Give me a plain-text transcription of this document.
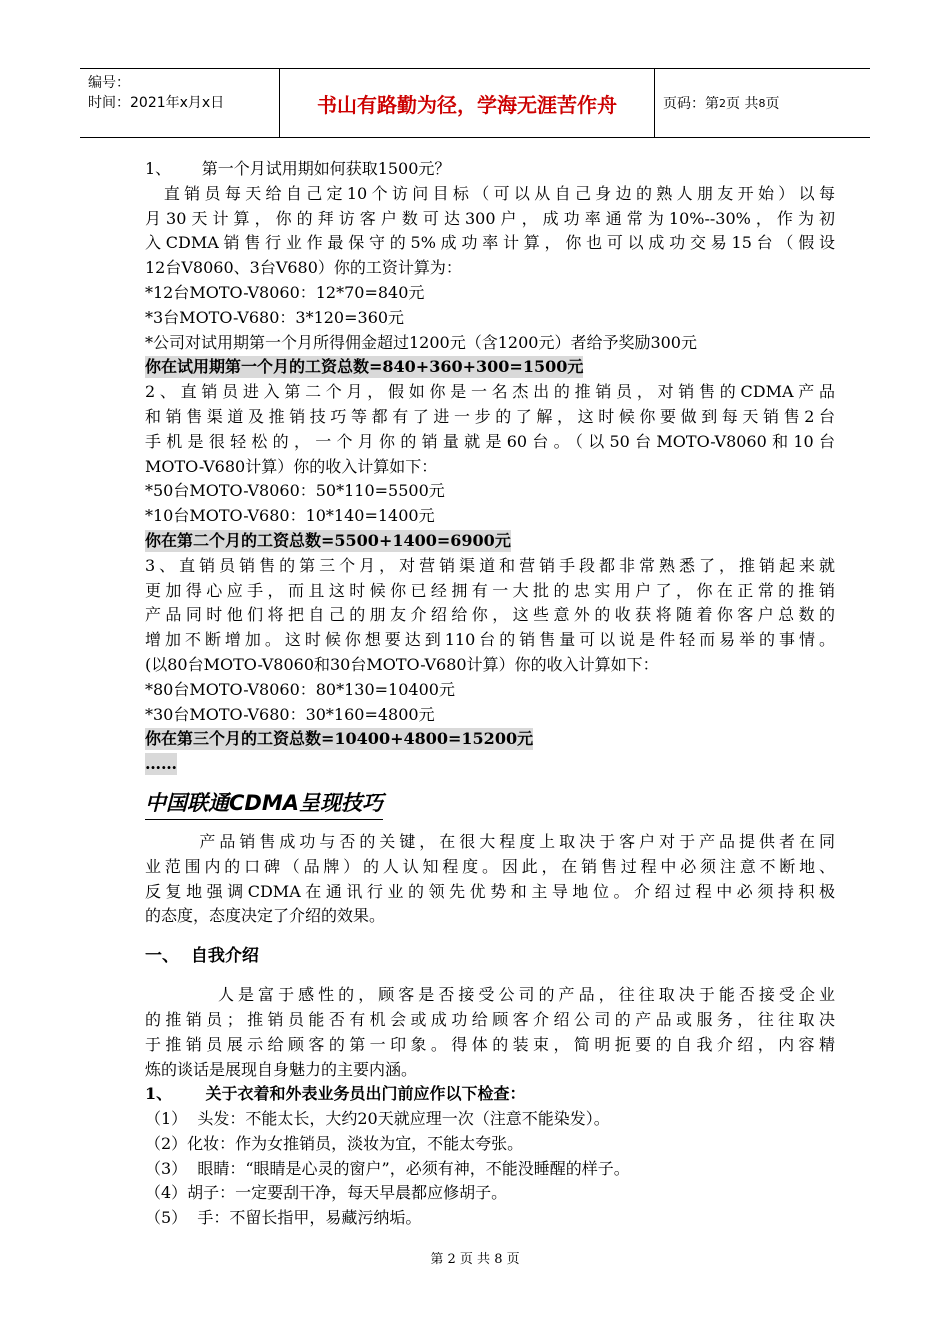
编号：
时间：2021年x月x日	书山有路勤为径，学海无涯苦作舟	页码：第 2 页 共 8 页
1、      第一个月试用期如何获取1500元？
直销员每天给自己定10个访问目标（可以从自己身边的熟人朋友开始）以每
月30天计算，你的拜访客户数可达300户，成功率通常为10%--30%，作为初
入CDMA销售行业作最保守的5%成功率计算，你也可以成功交易15台（假设
12台V8060、3台V680）你的工资计算为：
*12台MOTO-V8060：12*70=840元
*3台MOTO-V680：3*120=360元
*公司对试用期第一个月所得佣金超过1200元（含1200元）者给予奖励300元
你在试用期第一个月的工资总数=840+360+300=1500元
2、直销员进入第二个月，假如你是一名杰出的推销员，对销售的CDMA产品
和销售渠道及推销技巧等都有了进一步的了解，这时候你要做到每天销售2台
手机是很轻松的，一个月你的销量就是60台。（以50台MOTO-V8060和10台
MOTO-V680计算）你的收入计算如下：
*50台MOTO-V8060：50*110=5500元
*10台MOTO-V680：10*140=1400元
你在第二个月的工资总数=5500+1400=6900元
3、直销员销售的第三个月，对营销渠道和营销手段都非常熟悉了，推销起来就
更加得心应手，而且这时候你已经拥有一大批的忠实用户了，你在正常的推销
产品同时他们将把自己的朋友介绍给你，这些意外的收获将随着你客户总数的
增加不断增加。这时候你想要达到110台的销售量可以说是件轻而易举的事情。
(以80台MOTO-V8060和30台MOTO-V680计算）你的收入计算如下：
*80台MOTO-V8060：80*130=10400元
*30台MOTO-V680：30*160=4800元
你在第三个月的工资总数=10400+4800=15200元
……
中国联通CDMA呈现技巧
产品销售成功与否的关键，在很大程度上取决于客户对于产品提供者在同
业范围内的口碑（品牌）的人认知程度。因此，在销售过程中必须注意不断地、
反复地强调CDMA在通讯行业的领先优势和主导地位。介绍过程中必须持积极
的态度，态度决定了介绍的效果。
一、  自我介绍
人是富于感性的，顾客是否接受公司的产品，往往取决于能否接受企业
的推销员；推销员能否有机会或成功给顾客介绍公司的产品或服务，往往取决
于推销员展示给顾客的第一印象。得体的装束，简明扼要的自我介绍，内容精
炼的谈话是展现自身魅力的主要内涵。
1、      关于衣着和外表业务员出门前应作以下检查：
（1）  头发：不能太长，大约20天就应理一次（注意不能染发）。
（2）化妆：作为女推销员，淡妆为宜，不能太夸张。
（3）  眼睛：“眼睛是心灵的窗户”，必须有神，不能没睡醒的样子。
（4）胡子：一定要刮干净，每天早晨都应修胡子。
（5）  手：不留长指甲，易藏污纳垢。
第 2 页 共 8 页
